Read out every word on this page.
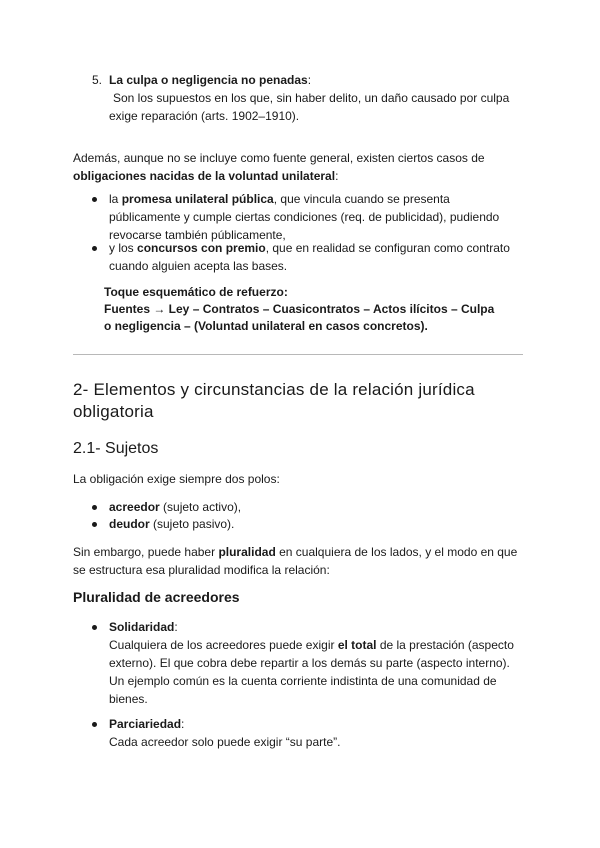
5. La culpa o negligencia no penadas:
Son los supuestos en los que, sin haber delito, un daño causado por culpa
exige reparación (arts. 1902–1910).
Además, aunque no se incluye como fuente general, existen ciertos casos de
obligaciones nacidas de la voluntad unilateral:
la promesa unilateral pública, que vincula cuando se presenta
públicamente y cumple ciertas condiciones (req. de publicidad), pudiendo
revocarse también públicamente,
y los concursos con premio, que en realidad se configuran como contrato
cuando alguien acepta las bases.
Toque esquemático de refuerzo:
Fuentes → Ley – Contratos – Cuasicontratos – Actos ilícitos – Culpa
o negligencia – (Voluntad unilateral en casos concretos).
2- Elementos y circunstancias de la relación jurídica
obligatoria
2.1- Sujetos
La obligación exige siempre dos polos:
acreedor (sujeto activo),
deudor (sujeto pasivo).
Sin embargo, puede haber pluralidad en cualquiera de los lados, y el modo en que
se estructura esa pluralidad modifica la relación:
Pluralidad de acreedores
Solidaridad:
Cualquiera de los acreedores puede exigir el total de la prestación (aspecto
externo). El que cobra debe repartir a los demás su parte (aspecto interno).
Un ejemplo común es la cuenta corriente indistinta de una comunidad de
bienes.
Parciariedad:
Cada acreedor solo puede exigir “su parte”.
